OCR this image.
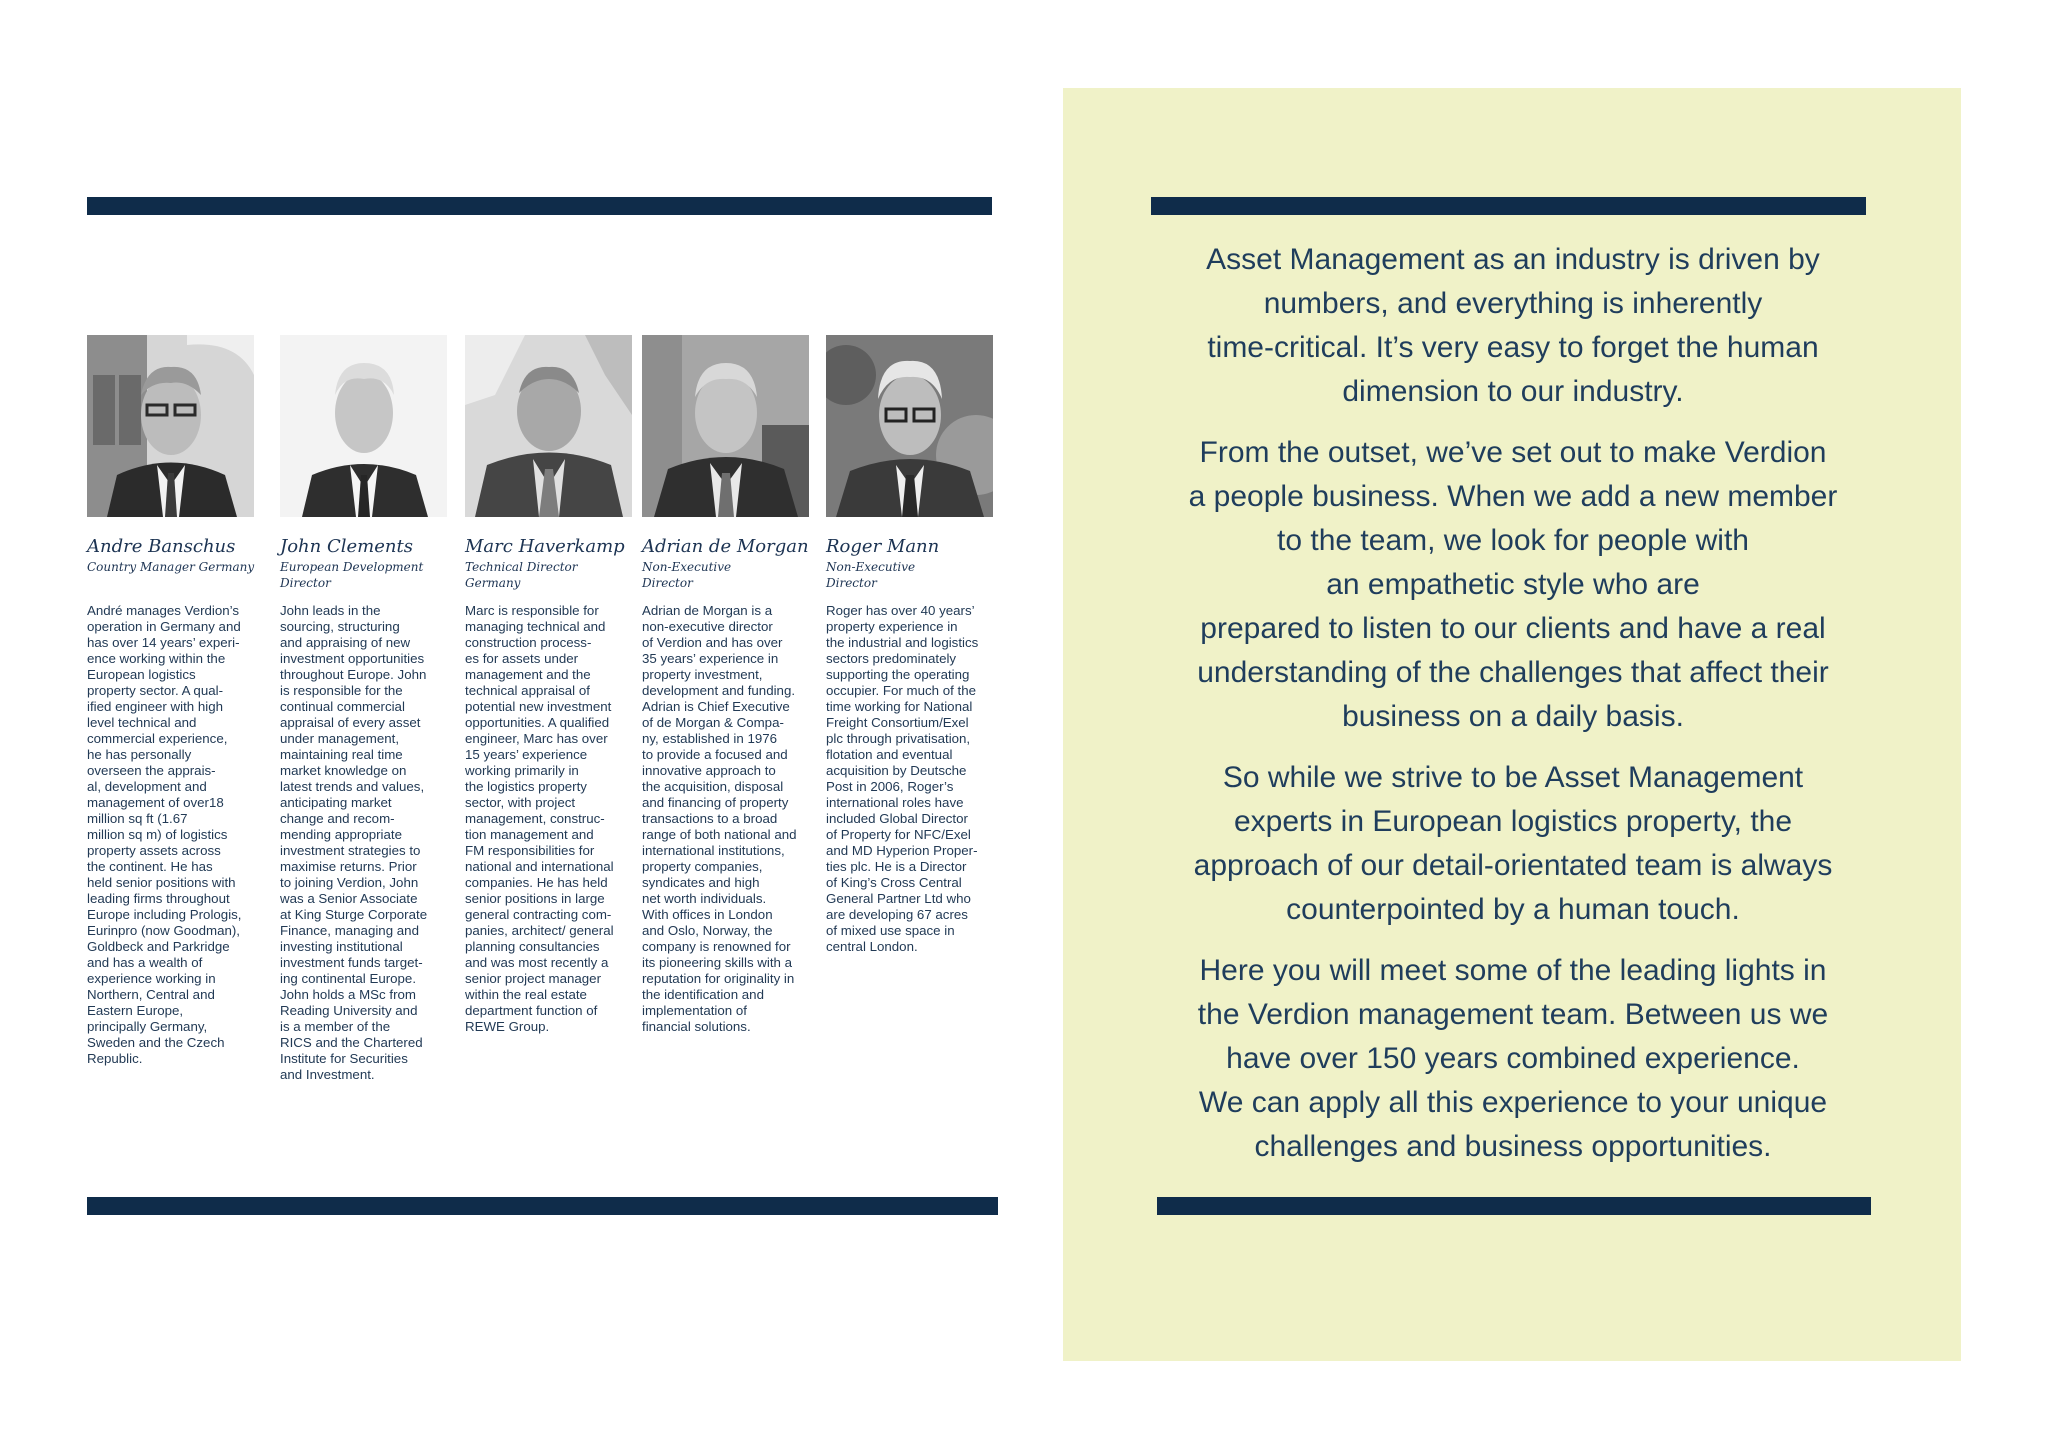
Andre Banschus John Clements	Marc Haverkamp Adrian de Morgan Roger Mann
Country Manager Germany European Development
Director
Technical Director
Germany
Non-Executive
Director
Non-Executive
Director
André manages Verdion’s
operation in Germany and
has over 14 years’ experi-
ence working within the
European logistics
property sector. A qual-
ified engineer with high
level technical and
commercial experience,
he has personally
overseen the apprais-
al, development and
management of over18
million sq ft (1.67
million sq m) of logistics
property assets across
the continent. He has
held senior positions with
leading firms throughout
Europe including Prologis,
Eurinpro (now Goodman),
Goldbeck and Parkridge
and has a wealth of
experience working in
Northern, Central and
Eastern Europe,
principally Germany,
Sweden and the Czech
Republic.
John leads in the
sourcing, structuring
and appraising of new
investment opportunities
throughout Europe. John
is responsible for the
continual commercial
appraisal of every asset
under management,
maintaining real time
market knowledge on
latest trends and values,
anticipating market
change and recom-
mending appropriate
investment strategies to
maximise returns. Prior
to joining Verdion, John
was a Senior Associate
at King Sturge Corporate
Finance, managing and
investing institutional
investment funds target-
ing continental Europe.
John holds a MSc from
Reading University and
is a member of the
RICS and the Chartered
Institute for Securities
and Investment.
Marc is responsible for
managing technical and
construction process-
es for assets under
management and the
technical appraisal of
potential new investment
opportunities. A qualified
engineer, Marc has over
15 years’ experience
working primarily in
the logistics property
sector, with project
management, construc-
tion management and
FM responsibilities for
national and international
companies. He has held
senior positions in large
general contracting com-
panies, architect/ general
planning consultancies
and was most recently a
senior project manager
within the real estate
department function of
REWE Group.
Adrian de Morgan is a
non-executive director
of Verdion and has over
35 years’ experience in
property investment,
development and funding.
Adrian is Chief Executive
of de Morgan & Compa-
ny, established in 1976
to provide a focused and
innovative approach to
the acquisition, disposal
and financing of property
transactions to a broad
range of both national and
international institutions,
property companies,
syndicates and high
net worth individuals.
With offices in London
and Oslo, Norway, the
company is renowned for
its pioneering skills with a
reputation for originality in
the identification and
implementation of
financial solutions.
Roger has over 40 years’
property experience in
the industrial and logistics
sectors predominately
supporting the operating
occupier. For much of the
time working for National
Freight Consortium/Exel
plc through privatisation,
flotation and eventual
acquisition by Deutsche
Post in 2006, Roger’s
international roles have
included Global Director
of Property for NFC/Exel
and MD Hyperion Proper-
ties plc. He is a Director
of King’s Cross Central
General Partner Ltd who
are developing 67 acres
of mixed use space in
central London.
Asset Management as an industry is driven by
numbers, and everything is inherently
time-critical. It’s very easy to forget the human
dimension to our industry.
From the outset, we’ve set out to make Verdion
a people business. When we add a new member
to the team, we look for people with
an empathetic style who are
prepared to listen to our clients and have a real
understanding of the challenges that affect their
business on a daily basis.
So while we strive to be Asset Management
experts in European logistics property, the
approach of our detail-orientated team is always
counterpointed by a human touch.
Here you will meet some of the leading lights in
the Verdion management team. Between us we
have over 150 years combined experience.
We can apply all this experience to your unique
challenges and business opportunities.
